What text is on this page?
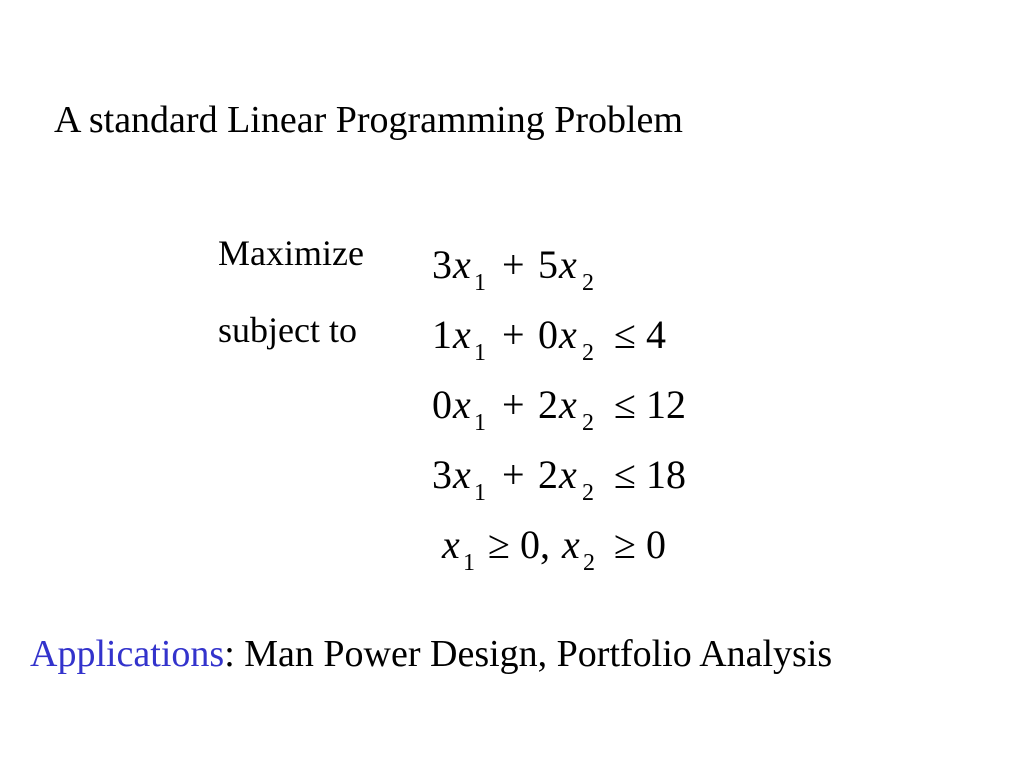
A standard Linear Programming Problem
Maximize
subject to
3 x 1 + 5 x 2
1 x 1 + 0 x 2 ≤ 4
0 x 1 + 2 x 2 ≤ 12
3 x 1 + 2 x 2 ≤ 18
x 1 ≥ 0, x 2 ≥ 0
Applications: Man Power Design, Portfolio Analysis
